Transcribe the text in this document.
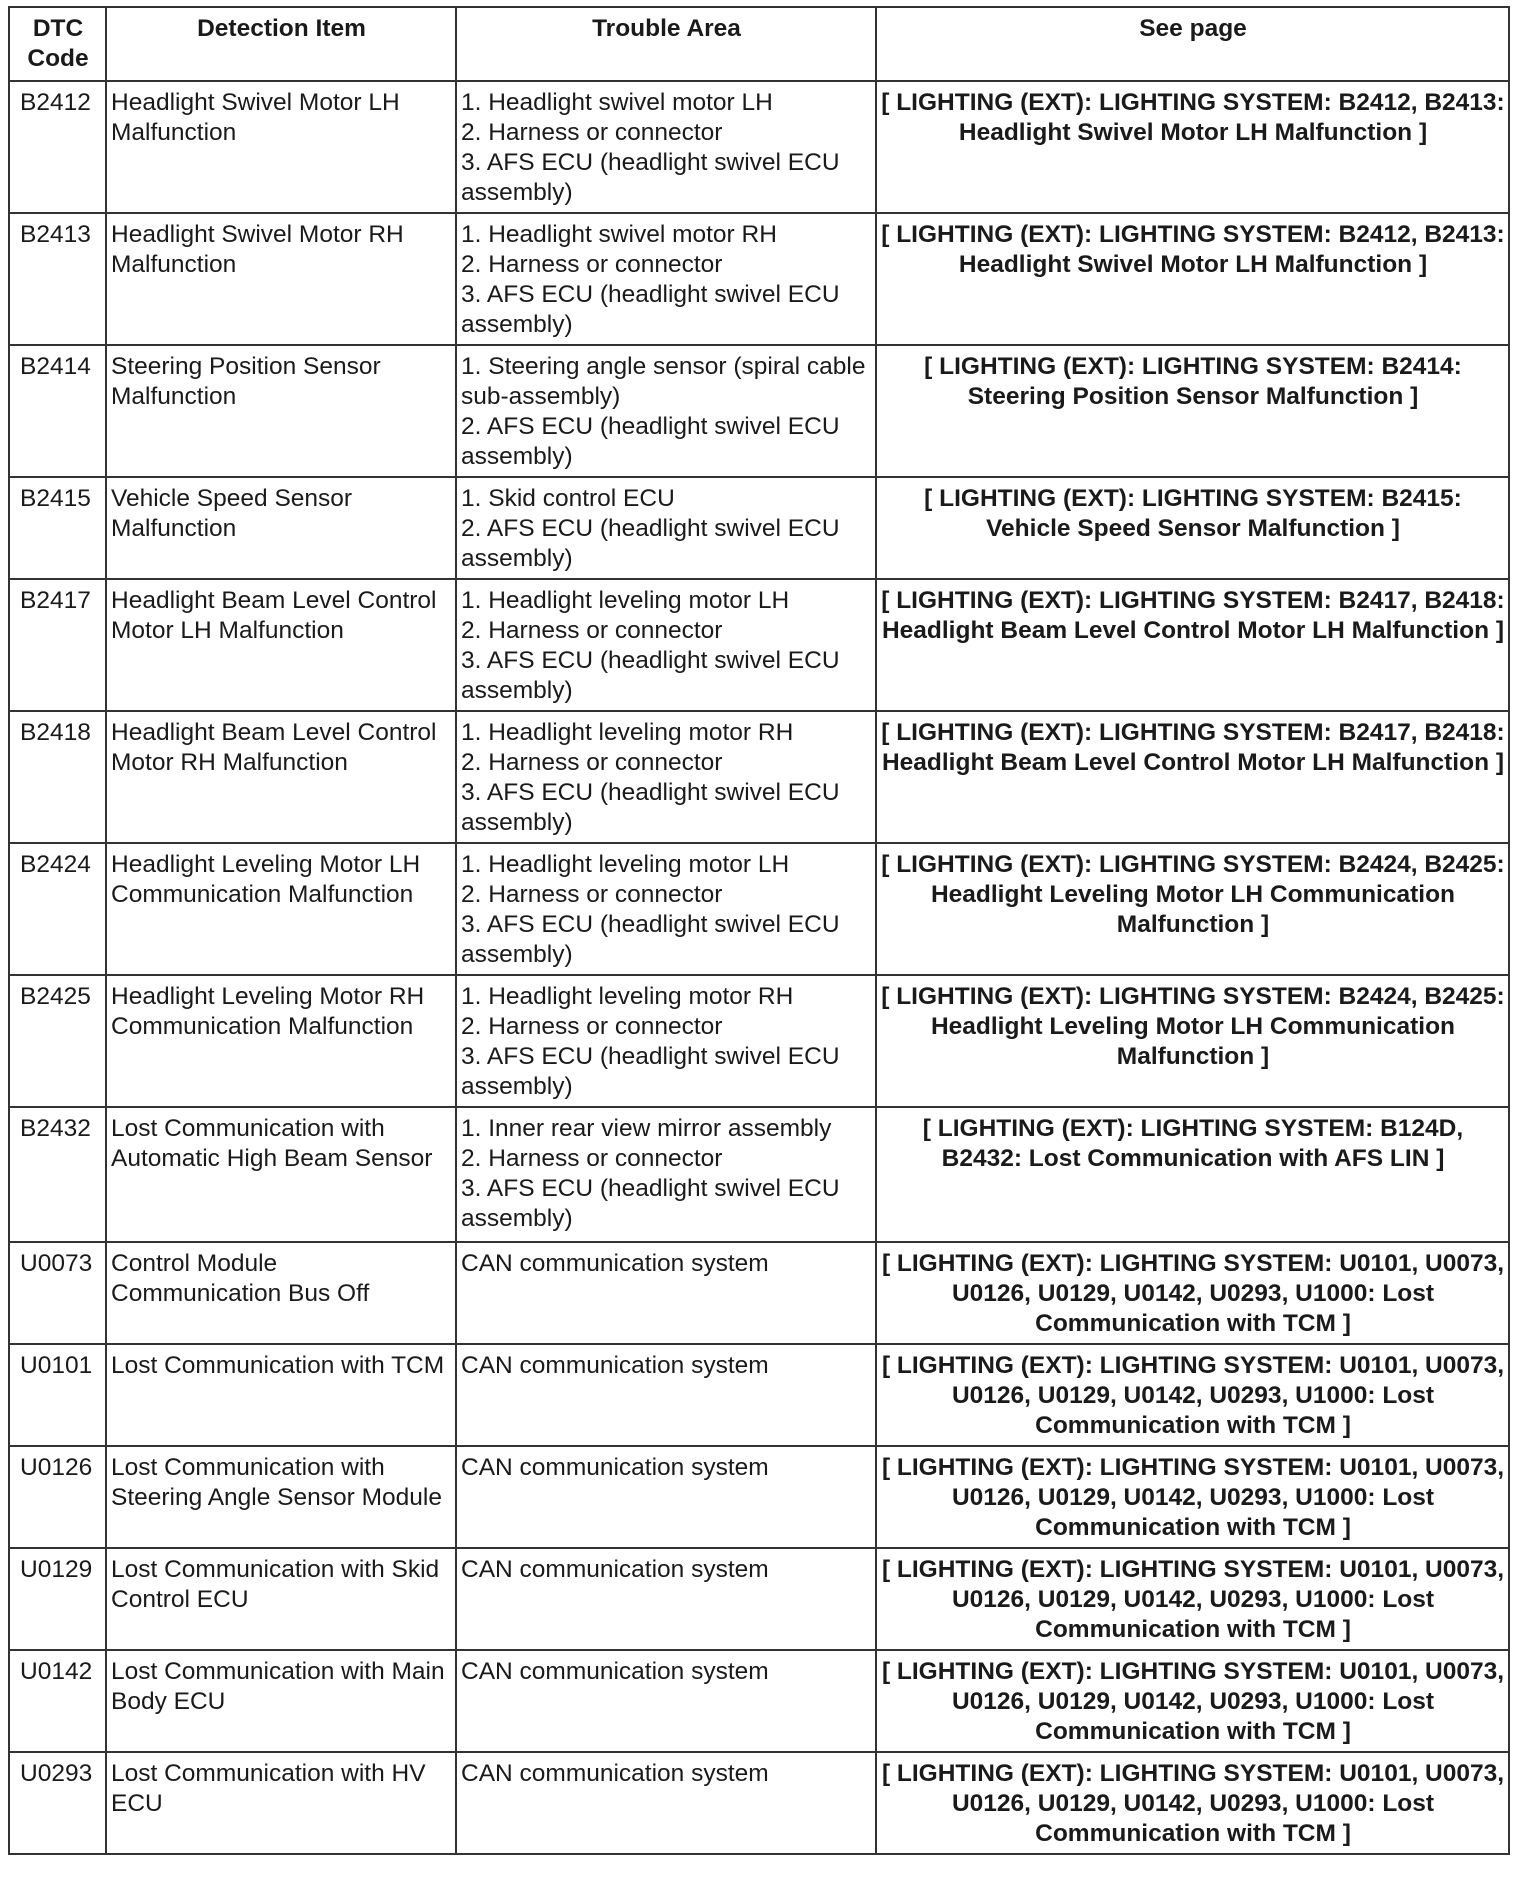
DTC Code	Detection Item	Trouble Area	See page
B2412	Headlight Swivel Motor LH Malfunction	1. Headlight swivel motor LH
2. Harness or connector
3. AFS ECU (headlight swivel ECU assembly)	[ LIGHTING (EXT): LIGHTING SYSTEM: B2412, B2413: Headlight Swivel Motor LH Malfunction ]
B2413	Headlight Swivel Motor RH Malfunction	1. Headlight swivel motor RH
2. Harness or connector
3. AFS ECU (headlight swivel ECU assembly)	[ LIGHTING (EXT): LIGHTING SYSTEM: B2412, B2413: Headlight Swivel Motor LH Malfunction ]
B2414	Steering Position Sensor Malfunction	1. Steering angle sensor (spiral cable sub-assembly)
2. AFS ECU (headlight swivel ECU assembly)	[ LIGHTING (EXT): LIGHTING SYSTEM: B2414: Steering Position Sensor Malfunction ]
B2415	Vehicle Speed Sensor Malfunction	1. Skid control ECU
2. AFS ECU (headlight swivel ECU assembly)	[ LIGHTING (EXT): LIGHTING SYSTEM: B2415: Vehicle Speed Sensor Malfunction ]
B2417	Headlight Beam Level Control Motor LH Malfunction	1. Headlight leveling motor LH
2. Harness or connector
3. AFS ECU (headlight swivel ECU assembly)	[ LIGHTING (EXT): LIGHTING SYSTEM: B2417, B2418: Headlight Beam Level Control Motor LH Malfunction ]
B2418	Headlight Beam Level Control Motor RH Malfunction	1. Headlight leveling motor RH
2. Harness or connector
3. AFS ECU (headlight swivel ECU assembly)	[ LIGHTING (EXT): LIGHTING SYSTEM: B2417, B2418: Headlight Beam Level Control Motor LH Malfunction ]
B2424	Headlight Leveling Motor LH Communication Malfunction	1. Headlight leveling motor LH
2. Harness or connector
3. AFS ECU (headlight swivel ECU assembly)	[ LIGHTING (EXT): LIGHTING SYSTEM: B2424, B2425: Headlight Leveling Motor LH Communication Malfunction ]
B2425	Headlight Leveling Motor RH Communication Malfunction	1. Headlight leveling motor RH
2. Harness or connector
3. AFS ECU (headlight swivel ECU assembly)	[ LIGHTING (EXT): LIGHTING SYSTEM: B2424, B2425: Headlight Leveling Motor LH Communication Malfunction ]
B2432	Lost Communication with Automatic High Beam Sensor	1. Inner rear view mirror assembly
2. Harness or connector
3. AFS ECU (headlight swivel ECU assembly)	[ LIGHTING (EXT): LIGHTING SYSTEM: B124D, B2432: Lost Communication with AFS LIN ]
U0073	Control Module Communication Bus Off	CAN communication system	[ LIGHTING (EXT): LIGHTING SYSTEM: U0101, U0073, U0126, U0129, U0142, U0293, U1000: Lost Communication with TCM ]
U0101	Lost Communication with TCM	CAN communication system	[ LIGHTING (EXT): LIGHTING SYSTEM: U0101, U0073, U0126, U0129, U0142, U0293, U1000: Lost Communication with TCM ]
U0126	Lost Communication with Steering Angle Sensor Module	CAN communication system	[ LIGHTING (EXT): LIGHTING SYSTEM: U0101, U0073, U0126, U0129, U0142, U0293, U1000: Lost Communication with TCM ]
U0129	Lost Communication with Skid Control ECU	CAN communication system	[ LIGHTING (EXT): LIGHTING SYSTEM: U0101, U0073, U0126, U0129, U0142, U0293, U1000: Lost Communication with TCM ]
U0142	Lost Communication with Main Body ECU	CAN communication system	[ LIGHTING (EXT): LIGHTING SYSTEM: U0101, U0073, U0126, U0129, U0142, U0293, U1000: Lost Communication with TCM ]
U0293	Lost Communication with HV ECU	CAN communication system	[ LIGHTING (EXT): LIGHTING SYSTEM: U0101, U0073, U0126, U0129, U0142, U0293, U1000: Lost Communication with TCM ]
